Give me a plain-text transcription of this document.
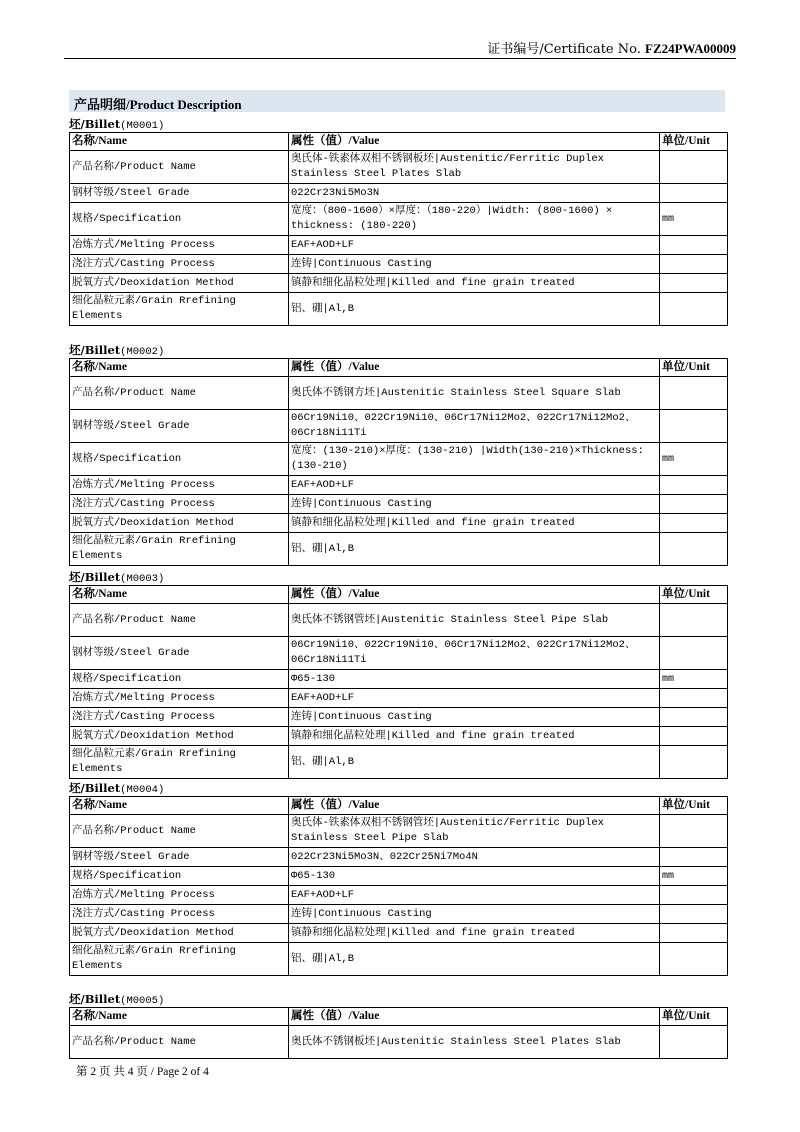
证书编号/Certificate No. FZ24PWA00009
产品明细/Product Description
坯/Billet(M0001)
名称/Name	属性（值）/Value	单位/Unit
产品名称/Product Name	奥氏体-铁素体双相不锈钢板坯|Austenitic/Ferritic Duplex Stainless Steel Plates Slab	
钢材等级/Steel Grade	022Cr23Ni5Mo3N	
规格/Specification	宽度：（800-1600）×厚度：（180-220）|Width: (800-1600) × thickness: (180-220)	mm
冶炼方式/Melting Process	EAF+AOD+LF	
浇注方式/Casting Process	连铸|Continuous Casting	
脱氧方式/Deoxidation Method	镇静和细化晶粒处理|Killed and fine grain treated	
细化晶粒元素/Grain Rrefining Elements	铝、硼|Al,B	
坯/Billet(M0002)
名称/Name	属性（值）/Value	单位/Unit
产品名称/Product Name	奥氏体不锈钢方坯|Austenitic Stainless Steel Square Slab	
钢材等级/Steel Grade	06Cr19Ni10、022Cr19Ni10、06Cr17Ni12Mo2、022Cr17Ni12Mo2、06Cr18Ni11Ti	
规格/Specification	宽度：(130-210)×厚度：(130-210) |Width(130-210)×Thickness:(130-210)	mm
冶炼方式/Melting Process	EAF+AOD+LF	
浇注方式/Casting Process	连铸|Continuous Casting	
脱氧方式/Deoxidation Method	镇静和细化晶粒处理|Killed and fine grain treated	
细化晶粒元素/Grain Rrefining Elements	铝、硼|Al,B	
坯/Billet(M0003)
名称/Name	属性（值）/Value	单位/Unit
产品名称/Product Name	奥氏体不锈钢管坯|Austenitic Stainless Steel Pipe Slab	
钢材等级/Steel Grade	06Cr19Ni10、022Cr19Ni10、06Cr17Ni12Mo2、022Cr17Ni12Mo2、06Cr18Ni11Ti	
规格/Specification	Φ65-130	mm
冶炼方式/Melting Process	EAF+AOD+LF	
浇注方式/Casting Process	连铸|Continuous Casting	
脱氧方式/Deoxidation Method	镇静和细化晶粒处理|Killed and fine grain treated	
细化晶粒元素/Grain Rrefining Elements	铝、硼|Al,B	
坯/Billet(M0004)
名称/Name	属性（值）/Value	单位/Unit
产品名称/Product Name	奥氏体-铁素体双相不锈钢管坯|Austenitic/Ferritic Duplex Stainless Steel Pipe Slab	
钢材等级/Steel Grade	022Cr23Ni5Mo3N、022Cr25Ni7Mo4N	
规格/Specification	Φ65-130	mm
冶炼方式/Melting Process	EAF+AOD+LF	
浇注方式/Casting Process	连铸|Continuous Casting	
脱氧方式/Deoxidation Method	镇静和细化晶粒处理|Killed and fine grain treated	
细化晶粒元素/Grain Rrefining Elements	铝、硼|Al,B	
坯/Billet(M0005)
名称/Name	属性（值）/Value	单位/Unit
产品名称/Product Name	奥氏体不锈钢板坯|Austenitic Stainless Steel Plates Slab	
第 2 页 共 4 页 / Page 2 of 4
